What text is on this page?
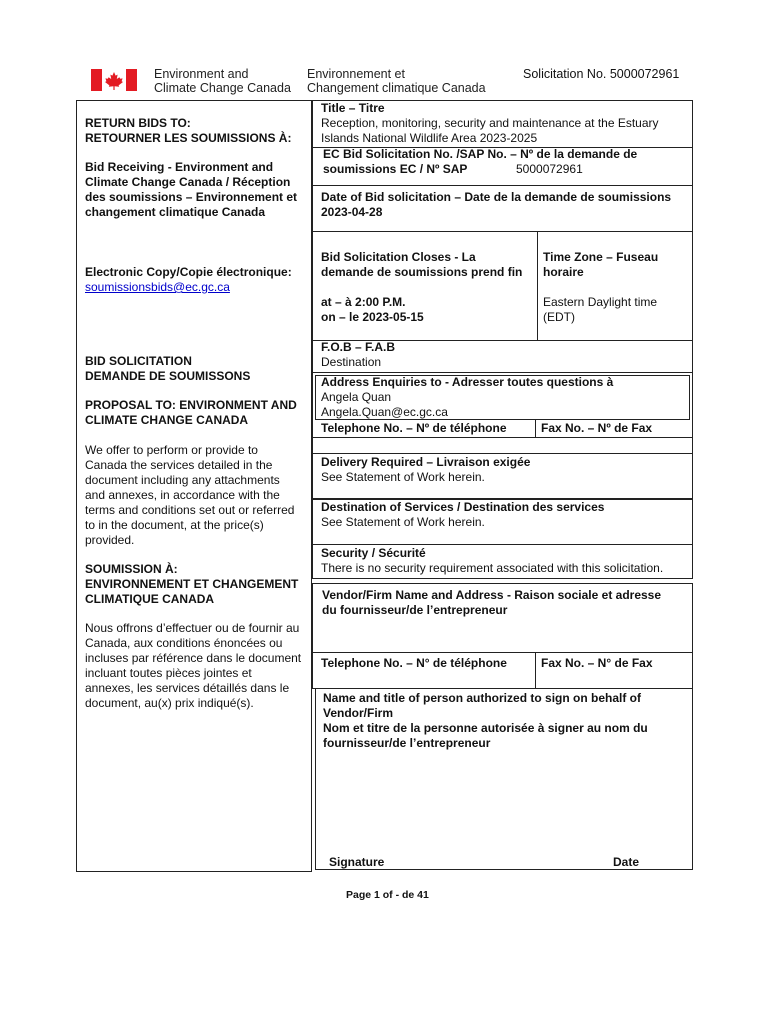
Environment and
Climate Change Canada
Environnement et
Changement climatique Canada
Solicitation No. 5000072961
RETURN BIDS TO:
RETOURNER LES SOUMISSIONS À:
Bid Receiving - Environment and
Climate Change Canada / Réception
des soumissions – Environnement et
changement climatique Canada
Electronic Copy/Copie électronique:
soumissionsbids@ec.gc.ca
BID SOLICITATION
DEMANDE DE SOUMISSONS
PROPOSAL TO: ENVIRONMENT AND
CLIMATE CHANGE CANADA
We offer to perform or provide to
Canada the services detailed in the
document including any attachments
and annexes, in accordance with the
terms and conditions set out or referred
to in the document, at the price(s)
provided.
SOUMISSION À:
ENVIRONNEMENT ET CHANGEMENT
CLIMATIQUE CANADA
Nous offrons d’effectuer ou de fournir au
Canada, aux conditions énoncées ou
incluses par référence dans le document
incluant toutes pièces jointes et
annexes, les services détaillés dans le
document, au(x) prix indiqué(s).
Title – Titre
Reception, monitoring, security and maintenance at the Estuary
Islands National Wildlife Area 2023-2025
EC Bid Solicitation No. /SAP No. – Nº de la demande de
soumissions EC / Nº SAP	5000072961
Date of Bid solicitation – Date de la demande de soumissions
2023-04-28
Bid Solicitation Closes - La
demande de soumissions prend fin
at – à 2:00 P.M.
on – le 2023-05-15
Time Zone – Fuseau
horaire
Eastern Daylight time
(EDT)
F.O.B – F.A.B
Destination
Address Enquiries to - Adresser toutes questions à
Angela Quan
Angela.Quan@ec.gc.ca
Telephone No. – Nº de téléphone	Fax No. – Nº de Fax
Delivery Required – Livraison exigée
See Statement of Work herein.
Destination of Services / Destination des services
See Statement of Work herein.
Security / Sécurité
There is no security requirement associated with this solicitation.
Vendor/Firm Name and Address - Raison sociale et adresse
du fournisseur/de l’entrepreneur
Telephone No. – N° de téléphone	Fax No. – N° de Fax
Name and title of person authorized to sign on behalf of
Vendor/Firm
Nom et titre de la personne autorisée à signer au nom du
fournisseur/de l’entrepreneur
Signature	Date
Page 1 of - de 41
